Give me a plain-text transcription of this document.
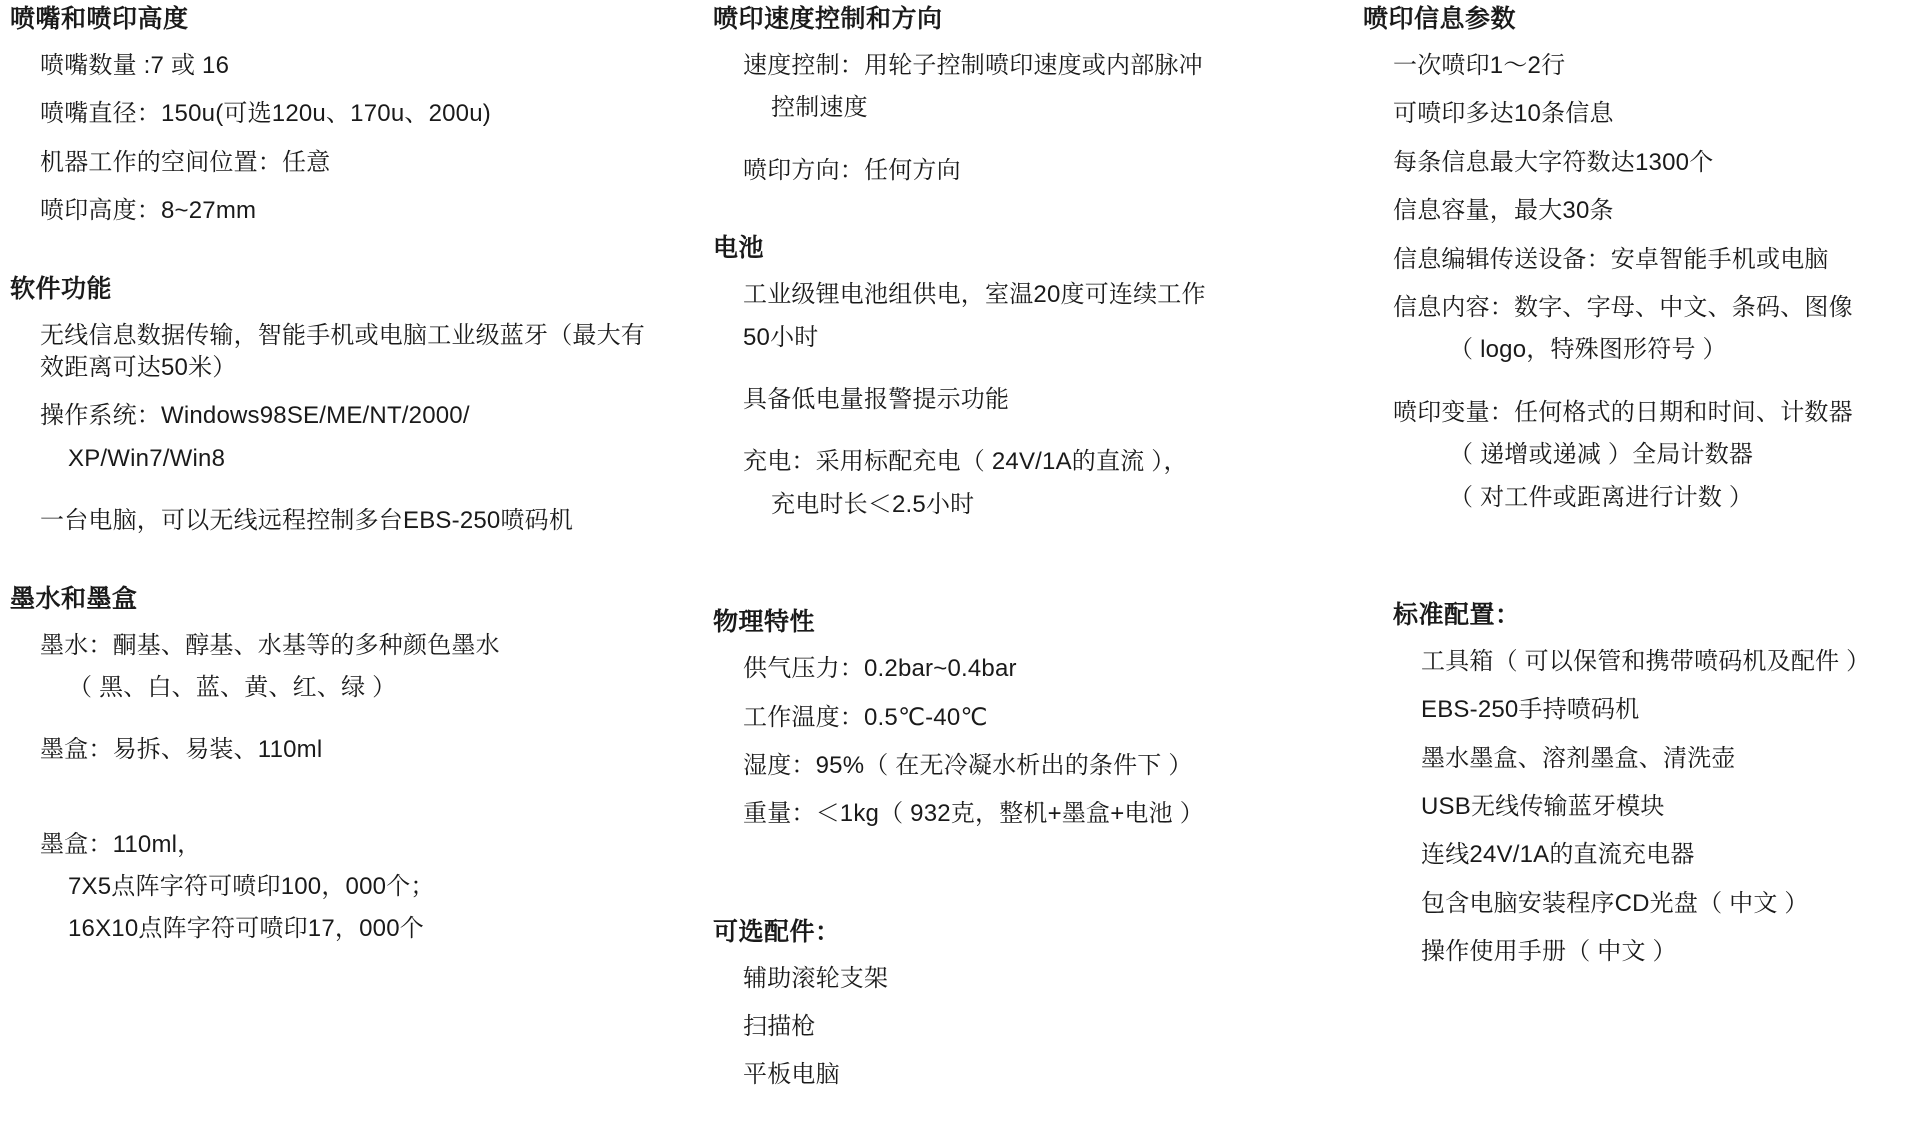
喷嘴和喷印高度
喷嘴数量 :7 或 16
喷嘴直径：150u(可选120u、170u、200u)
机器工作的空间位置：任意
喷印高度：8~27mm
软件功能
无线信息数据传输，智能手机或电脑工业级蓝牙（最大有效距离可达50米）
操作系统：Windows98SE/ME/NT/2000/
XP/Win7/Win8
一台电脑，可以无线远程控制多台EBS-250喷码机
墨水和墨盒
墨水：酮基、醇基、水基等的多种颜色墨水
（ 黑、白、蓝、黄、红、绿 ）
墨盒：易拆、易装、110ml
墨盒：110ml，
7X5点阵字符可喷印100，000个；
16X10点阵字符可喷印17，000个
喷印速度控制和方向
速度控制：用轮子控制喷印速度或内部脉冲
控制速度
喷印方向：任何方向
电池
工业级锂电池组供电，室温20度可连续工作
50小时
具备低电量报警提示功能
充电：采用标配充电（ 24V/1A的直流 ），
充电时长＜2.5小时
物理特性
供气压力：0.2bar~0.4bar
工作温度：0.5℃-40℃
湿度：95%（ 在无冷凝水析出的条件下 ）
重量：＜1kg（ 932克，整机+墨盒+电池 ）
可选配件：
辅助滚轮支架
扫描枪
平板电脑
喷印信息参数
一次喷印1～2行
可喷印多达10条信息
每条信息最大字符数达1300个
信息容量，最大30条
信息编辑传送设备：安卓智能手机或电脑
信息内容：数字、字母、中文、条码、图像
（ logo，特殊图形符号 ）
喷印变量：任何格式的日期和时间、计数器
（ 递增或递减 ）全局计数器
（ 对工件或距离进行计数 ）
标准配置：
工具箱（ 可以保管和携带喷码机及配件 ）
EBS-250手持喷码机
墨水墨盒、溶剂墨盒、清洗壶
USB无线传输蓝牙模块
连线24V/1A的直流充电器
包含电脑安装程序CD光盘（ 中文 ）
操作使用手册（ 中文 ）
